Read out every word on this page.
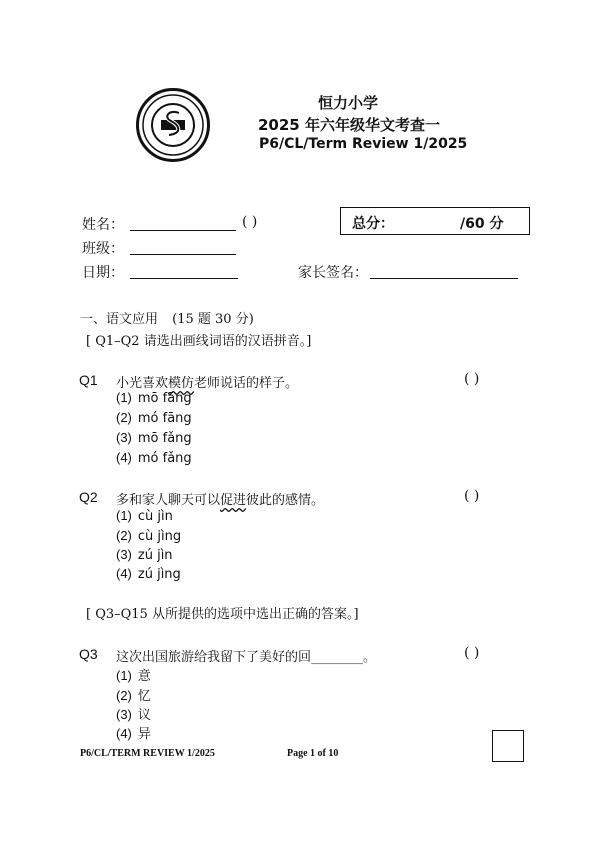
恒力小学
2025 年六年级华文考查一
P6/CL/Term Review 1/2025
姓名：	( )
班级：
日期：	家长签名：
总分：	/60 分
一、语文应用 (15 题 30 分)
[ Q1–Q2 请选出画线词语的汉语拼音。]
Q1 小光喜欢模仿老师说话的样子。	( )
(1) mō fāng
(2) mó fāng
(3) mō fǎng
(4) mó fǎng
Q2 多和家人聊天可以促进彼此的感情。	( )
(1) cù jìn
(2) cù jìng
(3) zú jìn
(4) zú jìng
[ Q3–Q15 从所提供的选项中选出正确的答案。]
Q3 这次出国旅游给我留下了美好的回________。	( )
(1) 意
(2) 忆
(3) 议
(4) 异
P6/CL/TERM REVIEW 1/2025	Page 1 of 10
